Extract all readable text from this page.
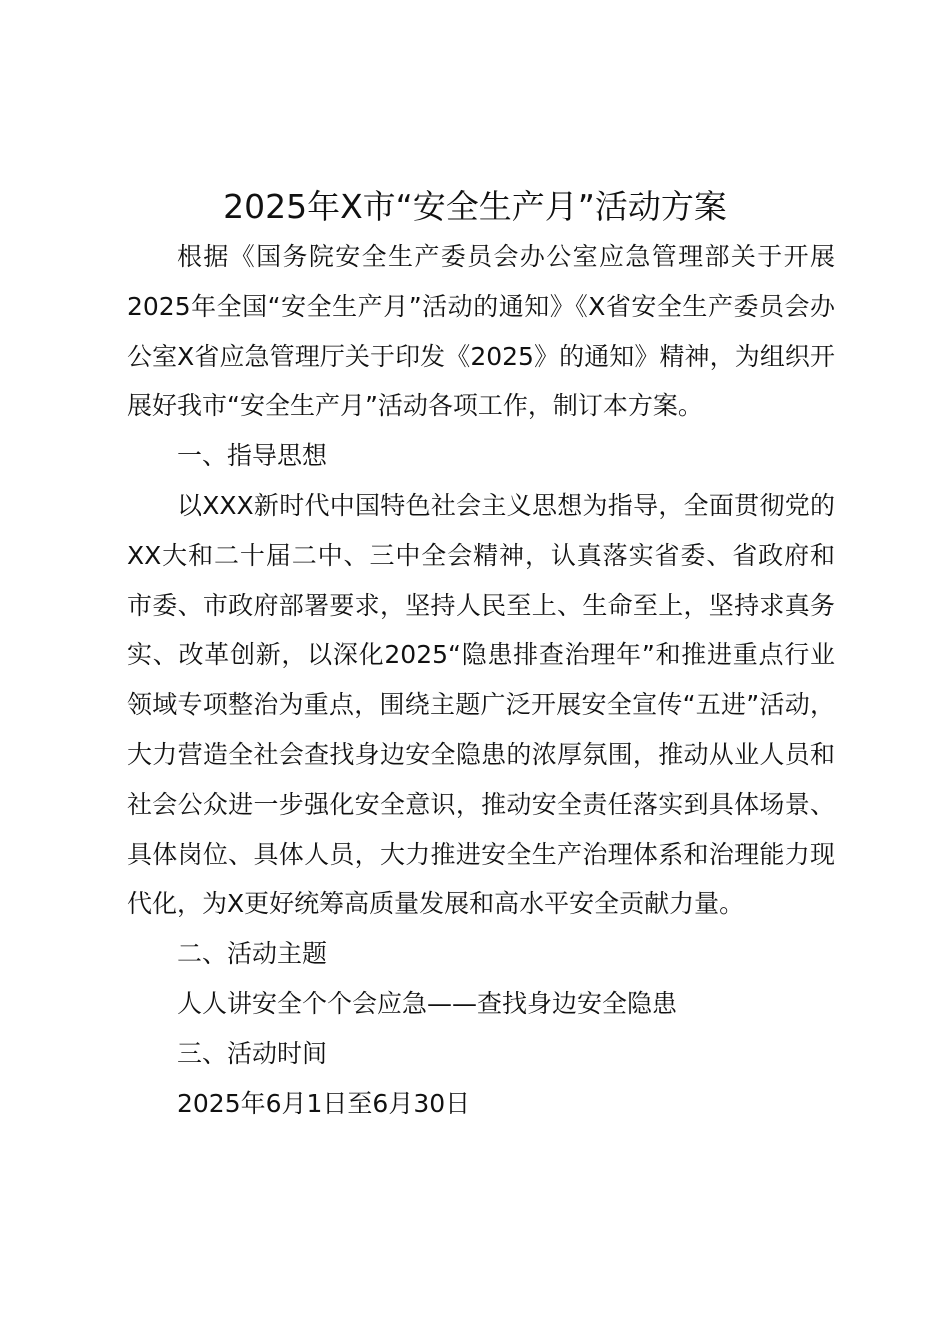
2025年X市“安全生产月”活动方案

根据《国务院安全生产委员会办公室应急管理部关于开展2025年全国“安全生产月”活动的通知》《X省安全生产委员会办公室X省应急管理厅关于印发《2025》的通知》精神，为组织开展好我市“安全生产月”活动各项工作，制订本方案。

一、指导思想

以XXX新时代中国特色社会主义思想为指导，全面贯彻党的XX大和二十届二中、三中全会精神，认真落实省委、省政府和市委、市政府部署要求，坚持人民至上、生命至上，坚持求真务实、改革创新，以深化2025“隐患排查治理年”和推进重点行业领域专项整治为重点，围绕主题广泛开展安全宣传“五进”活动，大力营造全社会查找身边安全隐患的浓厚氛围，推动从业人员和社会公众进一步强化安全意识，推动安全责任落实到具体场景、具体岗位、具体人员，大力推进安全生产治理体系和治理能力现代化，为X更好统筹高质量发展和高水平安全贡献力量。

二、活动主题

人人讲安全个个会应急——查找身边安全隐患

三、活动时间

2025年6月1日至6月30日
